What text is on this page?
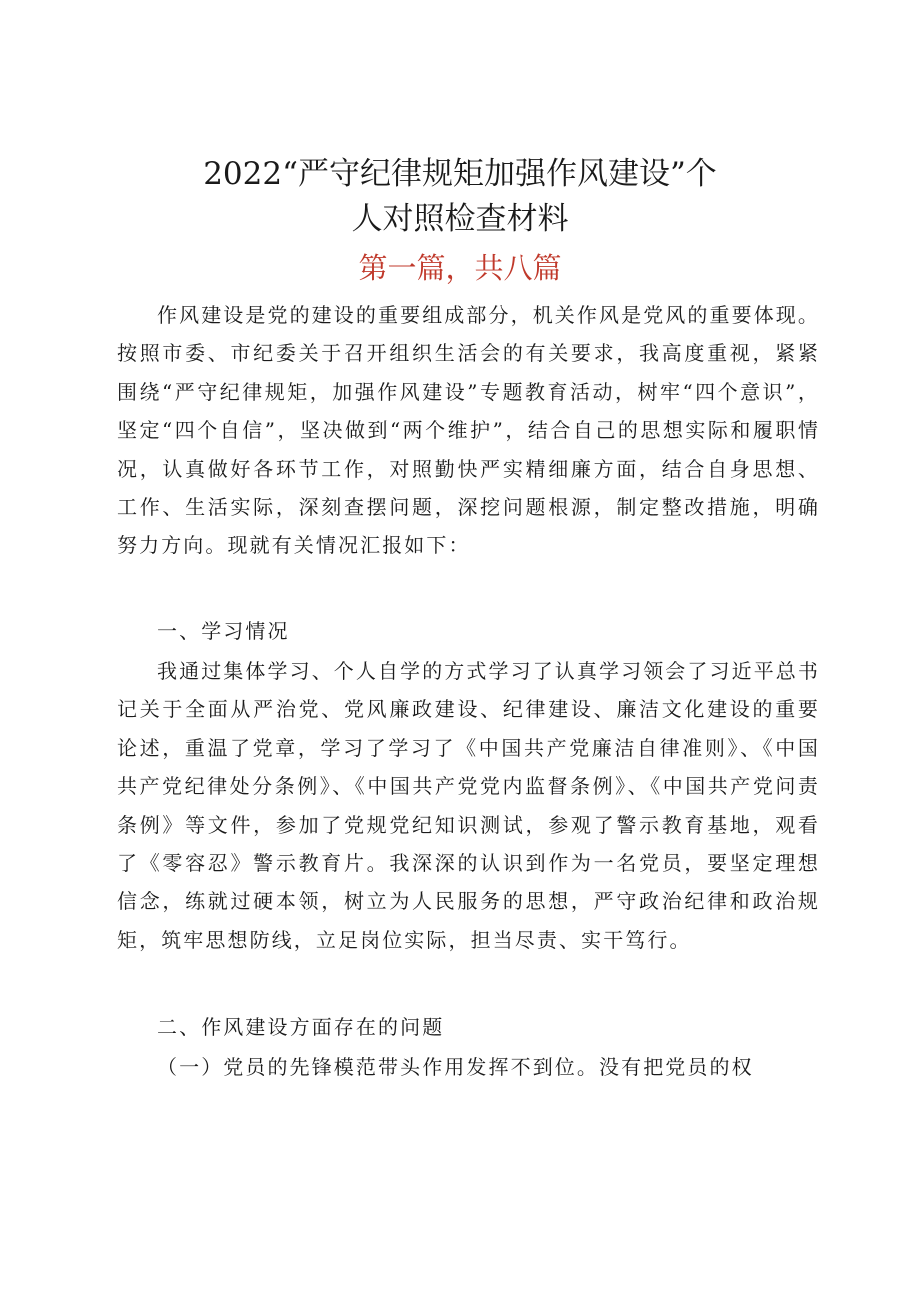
2022“严守纪律规矩加强作风建设”个
人对照检查材料
第一篇，共八篇

作风建设是党的建设的重要组成部分，机关作风是党风的重要体现。按照市委、市纪委关于召开组织生活会的有关要求，我高度重视，紧紧围绕“严守纪律规矩，加强作风建设”专题教育活动，树牢“四个意识”，坚定“四个自信”，坚决做到“两个维护”，结合自己的思想实际和履职情况，认真做好各环节工作，对照勤快严实精细廉方面，结合自身思想、工作、生活实际，深刻查摆问题，深挖问题根源，制定整改措施，明确努力方向。现就有关情况汇报如下：

一、学习情况

我通过集体学习、个人自学的方式学习了认真学习领会了习近平总书记关于全面从严治党、党风廉政建设、纪律建设、廉洁文化建设的重要论述，重温了党章，学习了学习了《中国共产党廉洁自律准则》、《中国共产党纪律处分条例》、《中国共产党党内监督条例》、《中国共产党问责条例》等文件，参加了党规党纪知识测试，参观了警示教育基地，观看了《零容忍》警示教育片。我深深的认识到作为一名党员，要坚定理想信念，练就过硬本领，树立为人民服务的思想，严守政治纪律和政治规矩，筑牢思想防线，立足岗位实际，担当尽责、实干笃行。

二、作风建设方面存在的问题

（一）党员的先锋模范带头作用发挥不到位。没有把党员的权
